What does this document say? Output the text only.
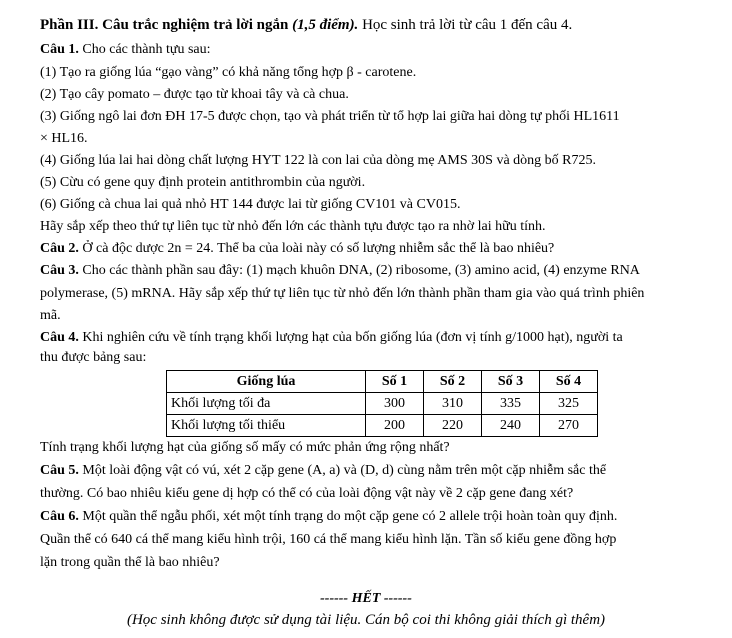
Phần III. Câu trắc nghiệm trả lời ngắn (1,5 điểm). Học sinh trả lời từ câu 1 đến câu 4.
Câu 1. Cho các thành tựu sau:
(1) Tạo ra giống lúa “gạo vàng” có khả năng tổng hợp β - carotene.
(2) Tạo cây pomato – được tạo từ khoai tây và cà chua.
(3) Giống ngô lai đơn ĐH 17-5 được chọn, tạo và phát triển từ tổ hợp lai giữa hai dòng tự phối HL1611
× HL16.
(4) Giống lúa lai hai dòng chất lượng HYT 122 là con lai của dòng mẹ AMS 30S và dòng bố R725.
(5) Cừu có gene quy định protein antithrombin của người.
(6) Giống cà chua lai quả nhỏ HT 144 được lai từ giống CV101 và CV015.
Hãy sắp xếp theo thứ tự liên tục từ nhỏ đến lớn các thành tựu được tạo ra nhờ lai hữu tính.
Câu 2. Ở cà độc dược 2n = 24. Thể ba của loài này có số lượng nhiễm sắc thể là bao nhiêu?
Câu 3. Cho các thành phần sau đây: (1) mạch khuôn DNA, (2) ribosome, (3) amino acid, (4) enzyme RNA
polymerase, (5) mRNA. Hãy sắp xếp thứ tự liên tục từ nhỏ đến lớn thành phần tham gia vào quá trình phiên
mã.
Câu 4. Khi nghiên cứu về tính trạng khối lượng hạt của bốn giống lúa (đơn vị tính g/1000 hạt), người ta
thu được bảng sau:
Giống lúa	Số 1	Số 2	Số 3	Số 4
Khối lượng tối đa	300	310	335	325
Khối lượng tối thiểu	200	220	240	270
Tính trạng khối lượng hạt của giống số mấy có mức phản ứng rộng nhất?
Câu 5. Một loài động vật có vú, xét 2 cặp gene (A, a) và (D, d) cùng nằm trên một cặp nhiễm sắc thể
thường. Có bao nhiêu kiểu gene dị hợp có thể có của loài động vật này về 2 cặp gene đang xét?
Câu 6. Một quần thể ngẫu phối, xét một tính trạng do một cặp gene có 2 allele trội hoàn toàn quy định.
Quần thể có 640 cá thể mang kiểu hình trội, 160 cá thể mang kiểu hình lặn. Tần số kiểu gene đồng hợp
lặn trong quần thể là bao nhiêu?
------ HẾT ------
(Học sinh không được sử dụng tài liệu. Cán bộ coi thi không giải thích gì thêm)
